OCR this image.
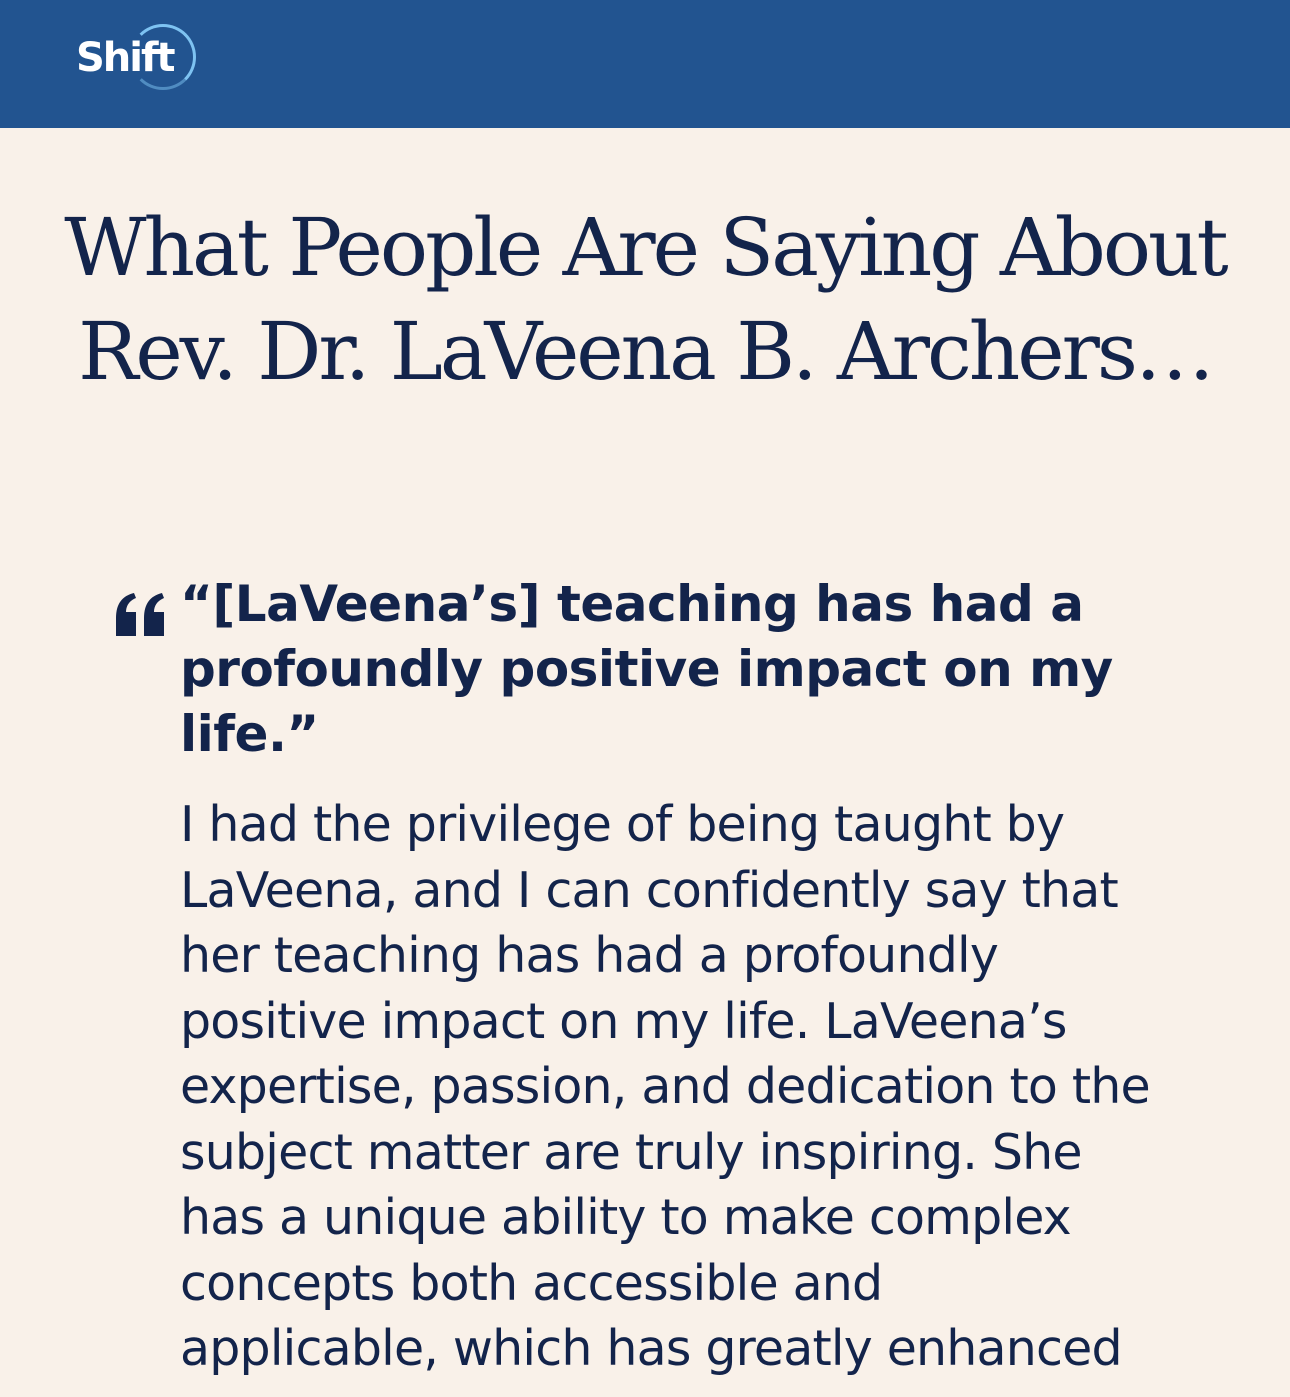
Shift
What People Are Saying About
Rev. Dr. LaVeena B. Archers…
“[LaVeena’s] teaching has had a
profoundly positive impact on my
life.”

I had the privilege of being taught by
LaVeena, and I can confidently say that
her teaching has had a profoundly
positive impact on my life. LaVeena’s
expertise, passion, and dedication to the
subject matter are truly inspiring. She
has a unique ability to make complex
concepts both accessible and
applicable, which has greatly enhanced
